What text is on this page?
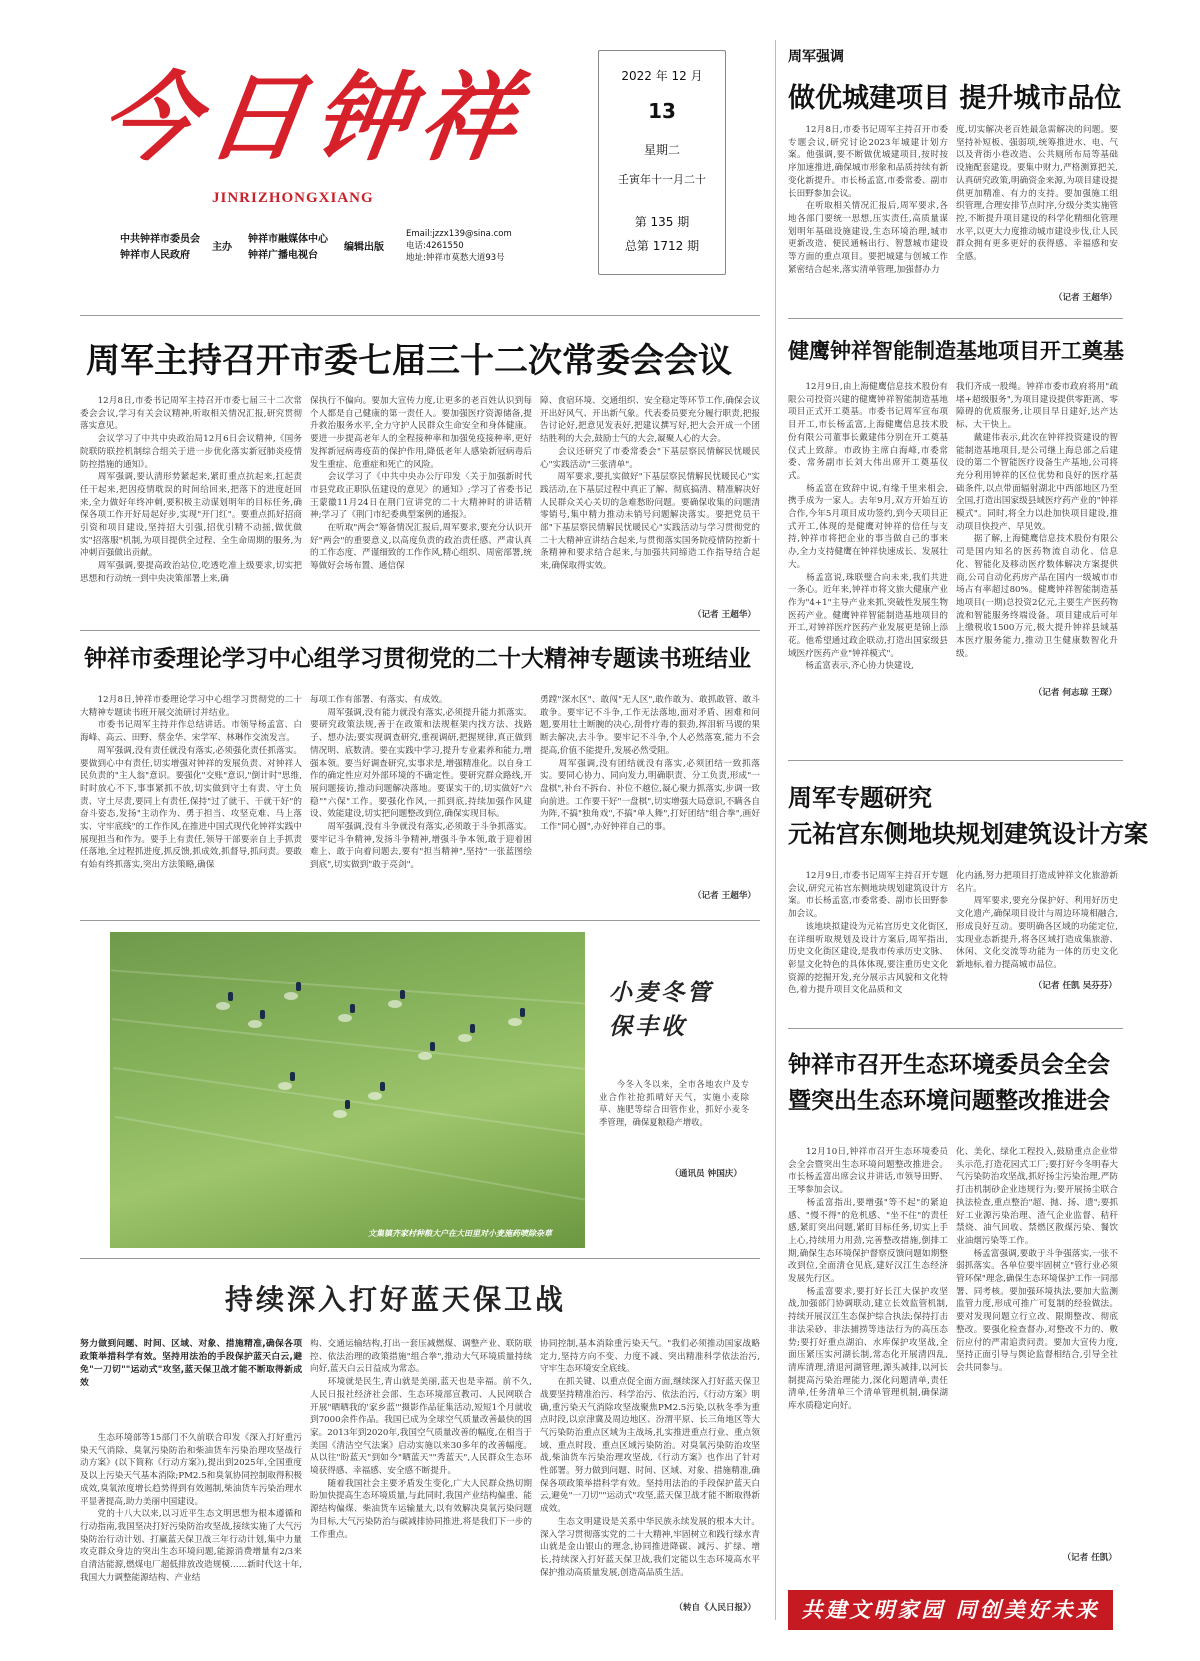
今日钟祥
JINRIZHONGXIANG
中共钟祥市委员会
钟祥市人民政府
主办
钟祥市融媒体中心
钟祥广播电视台
编辑出版
Email:jzzx139@sina.com
电话:4261550
地址:钟祥市莫愁大道93号
2022 年 12 月
13
星期二
壬寅年十一月二十
第 135 期
总第 1712 期
周军强调
做优城建项目 提升城市品位
　　12月8日,市委书记周军主持召开市委专题会议,研究讨论2023年城建计划方案。他强调,要不断做优城建项目,按时按序加速推进,确保城市形象和品质持续有新变化新提升。市长杨孟富,市委常委、副市长田野参加会议。
　　在听取相关情况汇报后,周军要求,各地各部门要统一思想,压实责任,高质量谋划明年基础设施建设,生态环境治理,城市更新改造、便民通畅出行、智慧城市建设等方面的重点项目。要把城建与创城工作紧密结合起来,落实清单管理,加强督办力
度,切实解决老百姓最急需解决的问题。要坚持补短板、强弱项,统筹推进水、电、气以及背街小巷改造、公共厕所布局等基础设施配套建设。要集中财力,严格测算把关,认真研究政策,明确资金来源,为项目建设提供更加精准、有力的支持。要加强施工组织管理,合理安排节点时序,分级分类实施管控,不断提升项目建设的科学化精细化管理水平,以更大力度推动城市建设步伐,让人民群众拥有更多更好的获得感、幸福感和安全感。
（记者 王超华）
周军主持召开市委七届三十二次常委会会议
　　12月8日,市委书记周军主持召开市委七届三十二次常委会会议,学习有关会议精神,听取相关情况汇报,研究贯彻落实意见。
　　会议学习了中共中央政治局12月6日会议精神,《国务院联防联控机制综合组关于进一步优化落实新冠肺炎疫情防控措施的通知》。
　　周军强调,要认清形势紧起来,紧盯重点抗起来,扛起责任干起来,把因疫情耽误的时间给回来,把落下的进度赶回来,全力做好年终冲刺,要积极主动谋划明年的目标任务,确保各项工作开好局起好步,实现"开门红"。要重点抓好招商引资和项目建设,坚持招大引强,招优引精不动摇,做优做实"招落服"机制,为项目提供全过程、全生命周期的服务,为冲刺百强做出贡献。
　　周军强调,要提高政治站位,吃透吃准上级要求,切实把思想和行动统一到中央决策部署上来,确
保执行不偏向。要加大宣传力度,让更多的老百姓认识到每个人都是自己健康的第一责任人。要加强医疗资源储备,提升救治服务水平,全力守护人民群众生命安全和身体健康。要进一步提高老年人的全程接种率和加强免疫接种率,更好发挥新冠病毒疫苗的保护作用,降低老年人感染新冠病毒后发生重症、危重症和死亡的风险。
　　会议学习了《中共中央办公厅印发〈关于加强新时代市县党政正职队伍建设的意见〉的通知》;学习了省委书记王蒙徽11月24日在荆门宣讲党的二十大精神时的讲话精神;学习了《荆门市纪委典型案例的通报》。
　　在听取"两会"筹备情况汇报后,周军要求,要充分认识开好"两会"的重要意义,以高度负责的政治责任感、严肃认真的工作态度、严谨细致的工作作风,精心组织、周密部署,统筹做好会场布置、通信保
障、食宿环境、交通组织、安全稳定等环节工作,确保会议开出好风气、开出新气象。代表委员要充分履行职责,把报告讨论好,把意见发表好,把建议撰写好,把大会开成一个团结胜利的大会,鼓励士气的大会,凝聚人心的大会。
　　会议还研究了市委常委会"下基层察民情解民忧暖民心"实践活动"三张清单"。
　　周军要求,要扎实做好"下基层察民情解民忧暖民心"实践活动,在下基层过程中真正了解、彻底搞清、精准解决好人民群众关心关切的急难愁盼问题。要确保收集的问题清零销号,集中精力推动未销号问题解决落实。要把党员干部"下基层察民情解民忧暖民心"实践活动与学习贯彻党的二十大精神宣讲结合起来,与贯彻落实国务院疫情防控新十条精神和要求结合起来,与加强共同缔造工作指导结合起来,确保取得实效。
（记者 王超华）
钟祥市委理论学习中心组学习贯彻党的二十大精神专题读书班结业
　　12月8日,钟祥市委理论学习中心组学习贯彻党的二十大精神专题读书班开展交流研讨并结业。
　　市委书记周军主持并作总结讲话。市领导杨孟富、白海峰、高云、田野、蔡金华、宋学军、林琳作交流发言。
　　周军强调,没有责任就没有落实,必须强化责任抓落实。要做到心中有责任,切实增强对钟祥的发展负责、对钟祥人民负责的"主人翁"意识。要强化"交账"意识,"倒计时"思维,时时放心不下,事事紧抓不放,切实做到守土有责、守土负责、守土尽责,要同上有责任,保持"过了就干、干就干好"的奋斗姿态,发扬"主动作为、勇于担当、攻坚克难、马上落实、守牢底线"的工作作风,在推进中国式现代化钟祥实践中展现担当和作为。要手上有责任,领导干部要亲自上手抓责任落地,全过程抓进度,抓反馈,抓成效,抓督导,抓问责。要敢有始有终抓落实,突出方法策略,确保
每项工作有部署、有落实、有成效。
　　周军强调,没有能力就没有落实,必须提升能力抓落实。要研究政策法规,善于在政策和法规框架内找方法、找路子、想办法;要实现调查研究,重视调研,把握规律,真正做到情况明、底数清。要在实践中学习,提升专业素养和能力,增强本领。要当好调查研究,实事求是,增强精准化。以自身工作的确定性应对外部环境的不确定性。要研究群众路线,开展问题接访,推动问题解决落地。要谋实干的,切实做好"六稳""六保"工作。要强化作风,一抓到底,持续加强作风建设、效能建设,切实把问题整改到位,确保实现目标。
　　周军强调,没有斗争就没有落实,必须敢于斗争抓落实。要牢记斗争精神,发扬斗争精神,增强斗争本领,敢于迎着困难上、敢于向着问题去,要有"担当精神",坚持"一张蓝图绘到底",切实做到"敢于亮剑"。
勇蹚"深水区"、敢闯"无人区",敢作敢为、敢抓敢管、敢斗敢争。要牢记不斗争,工作无法落地,面对矛盾、困难和问题,要用壮士断腕的决心,刮骨疗毒的狠劲,挥泪斩马谡的果断去解决,去斗争。要牢记不斗争,个人必然落寞,能力不会提高,价值不能提升,发展必然受阻。
　　周军强调,没有团结就没有落实,必须团结一致抓落实。要同心协力、同向发力,明确职责、分工负责,形成"一盘棋",补台不拆台、补位不越位,凝心聚力抓落实,步调一致向前进。工作要干好"一盘棋",切实增强大局意识,不瞒各自为阵,不搞"独角戏",不搞"单人舞",打好团结"组合拳",画好工作"同心圆",办好钟祥自己的事。
（记者 王超华）
小麦冬管
保丰收
　　今冬入冬以来，全市各地农户及专业合作社抢抓晴好天气，实施小麦除草、施肥等综合田管作业，抓好小麦冬季管理，确保夏粮稳产增收。
（通讯员 钟国庆）
文集镇齐家村种粮大户在大田里对小麦施药喷除杂草
持续深入打好蓝天保卫战
努力做到问题、时间、区域、对象、措施精准,确保各项政策举措科学有效。坚持用法治的手段保护蓝天白云,避免"一刀切""运动式"攻坚,蓝天保卫战才能不断取得新成效
　　生态环境部等15部门不久前联合印发《深入打好重污染天气消除、臭氧污染防治和柴油货车污染治理攻坚战行动方案》(以下简称《行动方案》),提出到2025年,全国重度及以上污染天气基本消除;PM2.5和臭氧协同控制取得积极成效,臭氧浓度增长趋势得到有效遏制,柴油货车污染治理水平显著提高,助力美丽中国建设。
　　党的十八大以来,以习近平生态文明思想为根本遵循和行动指南,我国坚决打好污染防治攻坚战,接续实施了大气污染防治行动计划、打赢蓝天保卫战三年行动计划,集中力量攻克群众身边的突出生态环境问题,能源消费增量有2/3来自清洁能源,燃煤电厂超低排放改造规模……新时代这十年,我国大力调整能源结构、产业结
构、交通运输结构,打出一套压减燃煤、调整产业、联防联控、依法治理的政策措施"组合拳",推动大气环境质量持续向好,蓝天白云日益成为常态。
　　环境就是民生,青山就是美丽,蓝天也是幸福。前不久,人民日报社经济社会部、生态环境部宣教司、人民网联合开展"晒晒我的'家乡蓝'"摄影作品征集活动,短短1个月就收到7000余件作品。我国已成为全球空气质量改善最快的国家。2013年到2020年,我国空气质量改善的幅度,在相当于美国《清洁空气法案》启动实施以来30多年的改善幅度。从以往"盼蓝天"到如今"晒蓝天""秀蓝天",人民群众生态环境获得感、幸福感、安全感不断提升。
　　随着我国社会主要矛盾发生变化,广大人民群众热切期盼加快提高生态环境质量,与此同时,我国产业结构偏重、能源结构偏煤、柴油货车运输量大,以有效解决臭氧污染问题为目标,大气污染防治与碳减排协同推进,将是我们下一步的工作重点。
协同控制,基本消除重污染天气。"我们必须推动国家战略定力,坚持方向不变、力度不减、突出精准科学依法治污,守牢生态环境安全底线。
　　在抓关键、以重点促全面方面,继续深入打好蓝天保卫战要坚持精准治污、科学治污、依法治污,《行动方案》明确,重污染天气消除攻坚战聚焦PM2.5污染,以秋冬季为重点时段,以京津冀及周边地区、汾渭平原、长三角地区等大气污染防治重点区域为主战场,扎实推进重点行业、重点领域、重点时段、重点区域污染防治。对臭氧污染防治攻坚战,柴油货车污染治理攻坚战,《行动方案》也作出了针对性部署。努力做到问题、时间、区域、对象、措施精准,确保各项政策举措科学有效。坚持用法治的手段保护蓝天白云,避免"一刀切""运动式"攻坚,蓝天保卫战才能不断取得新成效。
　　生态文明建设是关系中华民族永续发展的根本大计。深入学习贯彻落实党的二十大精神,牢固树立和践行绿水青山就是金山银山的理念,协同推进降碳、减污、扩绿、增长,持续深入打好蓝天保卫战,我们定能以生态环境高水平保护推动高质量发展,创造高品质生活。
（转自《人民日报》）
健鹰钟祥智能制造基地项目开工奠基
　　12月9日,由上海健鹰信息技术股份有限公司投资兴建的健鹰钟祥智能制造基地项目正式开工奠基。市委书记周军宣布项目开工,市长杨孟富,上海健鹰信息技术股份有限公司董事长戴建伟分别在开工奠基仪式上致辞。市政协主席白海峰,市委常委、常务副市长刘大伟出席开工奠基仪式。
　　杨孟富在致辞中说,有缘千里来相会,携手成为一家人。去年9月,双方开始互访合作,今年5月项目成功签约,到今天项目正式开工,体现的是健鹰对钟祥的信任与支持,钟祥市将把企业的事当做自己的事来办,全力支持健鹰在钟祥快速成长、发展壮大。
　　杨孟富说,珠联璧合向未来,我们共进一条心。近年来,钟祥市将文旅大健康产业作为"4+1"主导产业来抓,突破性发展生物医药产业。健鹰钟祥智能制造基地项目的开工,对钟祥医疗医药产业发展更是锦上添花。他希望通过政企联动,打造出国家级县域医疗医药产业"钟祥模式"。
　　杨孟富表示,齐心协力快建设,
我们齐成一股绳。钟祥市委市政府将用"疏堵+超级服务",为项目建设提供零距离、零障碍的优质服务,让项目早日建好,达产达标、大干快上。
　　戴建伟表示,此次在钟祥投资建设的智能制造基地项目,是公司继上海总部之后建设的第二个智能医疗设备生产基地,公司将充分利用钟祥的区位优势和良好的医疗基础条件,以点带面辐射湖北中西部地区乃至全国,打造出国家级县域医疗药产业的"钟祥模式"。同时,将全力以赴加快项目建设,推动项目快投产、早见效。
　　据了解,上海健鹰信息技术股份有限公司是国内知名的医药物流自动化、信息化、智能化及移动医疗数体解决方案提供商,公司自动化药房产品在国内一级城市市场占有率超过80%。健鹰钟祥智能制造基地项目(一期)总投资2亿元,主要生产医药物流和智能服务终端设备。项目建成后可年上缴税收1500万元,极大提升钟祥县域基本医疗服务能力,推动卫生健康数智化升级。
（记者 何志琼 王琛）
周军专题研究
元祐宫东侧地块规划建筑设计方案
　　12月9日,市委书记周军主持召开专题会议,研究元祐宫东侧地块规划建筑设计方案。市长杨孟富,市委常委、副市长田野参加会议。
　　该地块拟建设为元祐宫历史文化街区,在详细听取规划及设计方案后,周军指出,历史文化街区建设,是我市传承历史文脉、彰显文化特色的具体体现,要注重历史文化资源的挖掘开发,充分展示古风貌和文化特色,着力提升项目文化品质和文
化内涵,努力把项目打造成钟祥文化旅游新名片。
　　周军要求,要充分保护好、利用好历史文化遗产,确保项目设计与周边环境相融合,形成良好互动。要明确各区域的功能定位,实现业态新提升,将各区域打造成集旅游、休闲、文化交流等功能为一体的历史文化新地标,着力提高城市品位。
（记者 任凯 吴芬芬）
钟祥市召开生态环境委员会全会
暨突出生态环境问题整改推进会
　　12月10日,钟祥市召开生态环境委员会全会暨突出生态环境问题整改推进会。市长杨孟富出席会议并讲话,市领导田野、王琴参加会议。
　　杨孟富指出,要增强"等不起"的紧迫感、"慢不得"的危机感、"坐不住"的责任感,紧盯突出问题,紧盯目标任务,切实上手上心,持续用力用劲,完善整改措施,倒排工期,确保生态环境保护督察反馈问题如期整改到位,全面清仓见底,建好汉江生态经济发展先行区。
　　杨孟富要求,要打好长江大保护攻坚战,加强部门协调联动,建立长效监管机制,持续开展汉江生态保护综合执法;保持打击非法采砂、非法捕捞等违法行为的高压态势;要打好重点湖泊、水库保护攻坚战,全面压紧压实河湖长制,常态化开展清四乱,清库清理,清退河湖管理,源头减排,以河长制提高污染治理能力,深化问题清单,责任清单,任务清单三个清单管理机制,确保湖库水质稳定向好。
化、美化、绿化工程投入,鼓励重点企业带头示范,打造花园式工厂;要打好今冬明春大气污染防治攻坚战,抓好扬尘污染治理,严防打击机制砂企业违规行为;要开展扬尘联合执法检查,重点整治"超、抛、扬、遗";要抓好工业源污染治理、渣气企业监督、秸秆禁烧、油气回收、禁燃区散煤污染、餐饮业油烟污染等工作。
　　杨孟富强调,要敢于斗争强落实,一张不弱抓落实。各单位要牢固树立"管行业必须管环保"理念,确保生态环境保护工作一同部署、同考核。要加强环境执法,要加大监测监管力度,形成可推广可复制的经验做法。要对发现问题立行立改、限期整改、彻底整改。要强化检查督办,对整改不力的、敷衍应付的严肃追责问责。要加大宣传力度,坚持正面引导与舆论监督相结合,引导全社会共同参与。
（记者 任凯）
共建文明家园 同创美好未来
